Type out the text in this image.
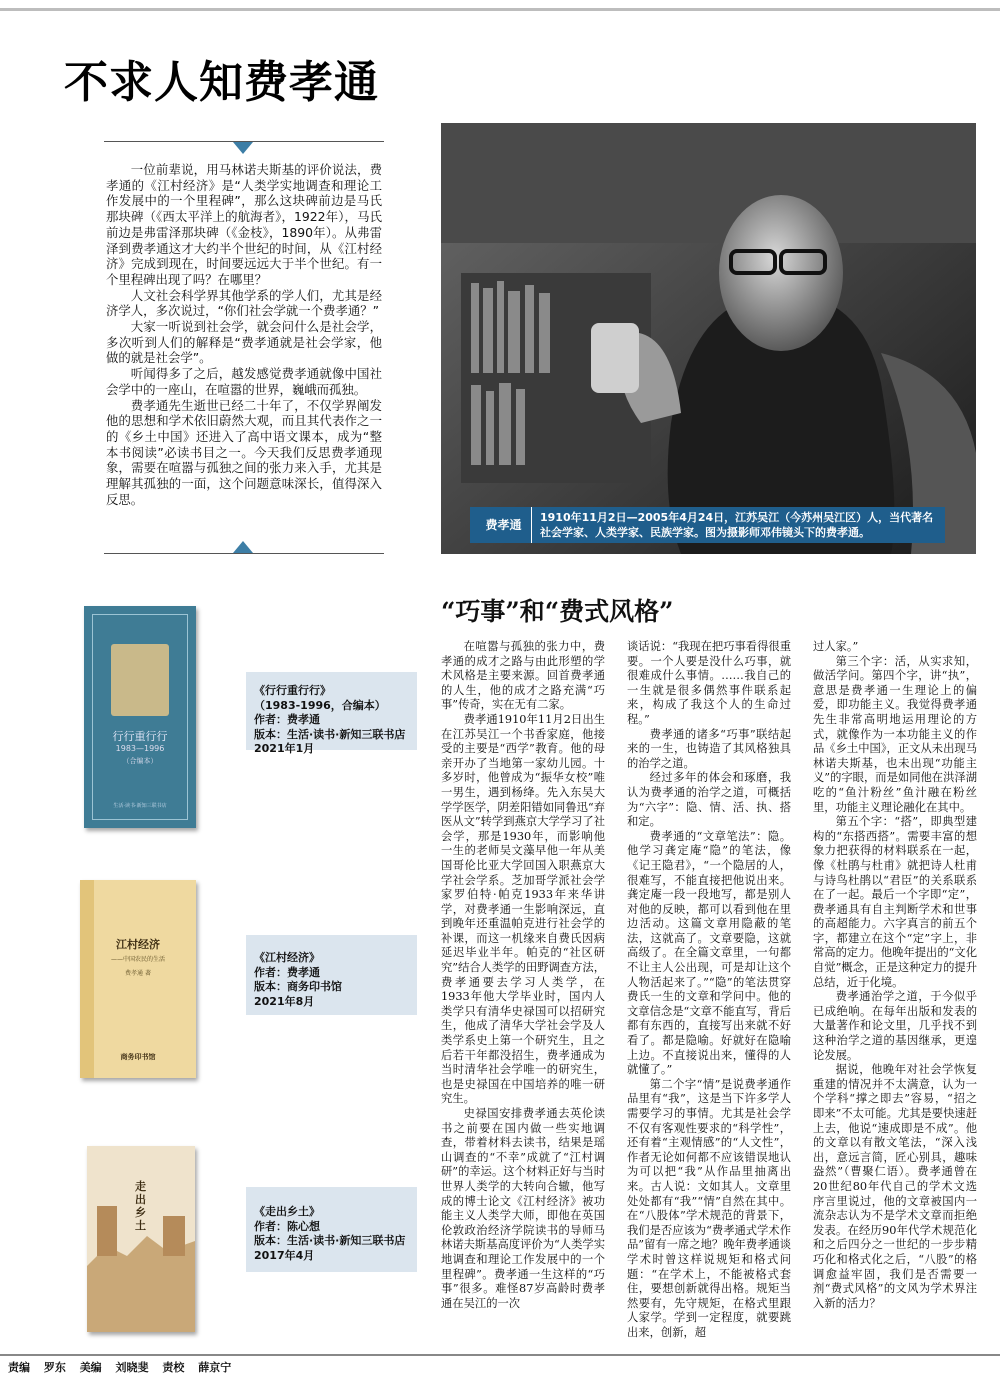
不求人知费孝通

一位前辈说，用马林诺夫斯基的评价说法，费孝通的《江村经济》是“人类学实地调查和理论工作发展中的一个里程碑”，那么这块碑前边是马氏那块碑（《西太平洋上的航海者》，1922年），马氏前边是弗雷泽那块碑（《金枝》，1890年）。从弗雷泽到费孝通这才大约半个世纪的时间，从《江村经济》完成到现在，时间要远远大于半个世纪。有一个里程碑出现了吗？在哪里？

人文社会科学界其他学系的学人们，尤其是经济学人，多次说过，“你们社会学就一个费孝通？”

大家一听说到社会学，就会问什么是社会学，多次听到人们的解释是“费孝通就是社会学家，他做的就是社会学”。

听闻得多了之后，越发感觉费孝通就像中国社会学中的一座山，在喧嚣的世界，巍峨而孤独。

费孝通先生逝世已经二十年了，不仅学界阐发他的思想和学术依旧蔚然大观，而且其代表作之一的《乡土中国》还进入了高中语文课本，成为“整本书阅读”必读书目之一。今天我们反思费孝通现象，需要在喧嚣与孤独之间的张力来入手，尤其是理解其孤独的一面，这个问题意味深长，值得深入反思。

费孝通
1910年11月2日—2005年4月24日，江苏吴江（今苏州吴江区）人，当代著名社会学家、人类学家、民族学家。图为摄影师邓伟镜头下的费孝通。
“巧事”和“费式风格”
行行重行行
1983—1996
（合编本）
生活·读书·新知三联书店
《行行重行行》
（1983-1996，合编本）
作者：费孝通
版本：生活·读书·新知三联书店
2021年1月
江村经济
——中国农民的生活
费孝通 著
商务印书馆
《江村经济》
作者：费孝通
版本：商务印书馆
2021年8月
走出乡土
《走出乡土》
作者：陈心想
版本：生活·读书·新知三联书店
2017年4月

在喧嚣与孤独的张力中，费孝通的成才之路与由此形塑的学术风格是主要来源。回首费孝通的人生，他的成才之路充满“巧事”传奇，实在无有二家。

费孝通1910年11月2日出生在江苏吴江一个书香家庭，他接受的主要是“西学”教育。他的母亲开办了当地第一家幼儿园。十多岁时，他曾成为“振华女校”唯一男生，遇到杨绛。先入东吴大学学医学，阴差阳错如同鲁迅“弃医从文”转学到燕京大学学习了社会学，那是1930年，而影响他一生的老师吴文藻早他一年从美国哥伦比亚大学回国入职燕京大学社会学系。芝加哥学派社会学家罗伯特·帕克1933年来华讲学，对费孝通一生影响深远，直到晚年还重温帕克进行社会学的补课，而这一机缘来自费氏因病延迟毕业半年。帕克的“社区研究”结合人类学的田野调查方法，费孝通要去学习人类学，在1933年他大学毕业时，国内人类学只有清华史禄国可以招研究生，他成了清华大学社会学及人类学系史上第一个研究生，且之后若干年都没招生，费孝通成为当时清华社会学唯一的研究生，也是史禄国在中国培养的唯一研究生。

史禄国安排费孝通去英伦读书之前要在国内做一些实地调查，带着材料去读书，结果是瑶山调查的“不幸”成就了“江村调研”的幸运。这个材料正好与当时世界人类学的大转向合辙，他写成的博士论文《江村经济》被功能主义人类学大师，即他在英国伦敦政治经济学院读书的导师马林诺夫斯基高度评价为“人类学实地调查和理论工作发展中的一个里程碑”。费孝通一生这样的“巧事”很多。难怪87岁高龄时费孝通在吴江的一次

谈话说：“我现在把巧事看得很重要。一个人要是没什么巧事，就很难成什么事情。……我自己的一生就是很多偶然事件联系起来，构成了我这个人的生命过程。”

费孝通的诸多“巧事”联结起来的一生，也铸造了其风格独具的治学之道。

经过多年的体会和琢磨，我认为费孝通的治学之道，可概括为“六字”：隐、情、活、执、搭和定。

费孝通的“文章笔法”：隐。他学习龚定庵“隐”的笔法，像《记王隐君》，“一个隐居的人，很难写，不能直接把他说出来。龚定庵一段一段地写，都是别人对他的反映，都可以看到他在里边活动。这篇文章用隐蔽的笔法，这就高了。文章要隐，这就高级了。在全篇文章里，一句都不让主人公出现，可是却让这个人物活起来了。”“隐”的笔法贯穿费氏一生的文章和学问中。他的文章信念是“文章不能直写，背后都有东西的，直接写出来就不好看了。都是隐喻。好就好在隐喻上边。不直接说出来，懂得的人就懂了。”

第二个字“情”是说费孝通作品里有“我”，这是当下许多学人需要学习的事情。尤其是社会学不仅有客观性要求的“科学性”，还有着“主观情感”的“人文性”，作者无论如何都不应该错误地认为可以把“我”从作品里抽离出来。古人说：文如其人。文章里处处都有“我”“情”自然在其中。在“八股体”学术规范的背景下，我们是否应该为“费孝通式学术作品”留有一席之地？晚年费孝通谈学术时曾这样说规矩和格式问题：“在学术上，不能被格式套住，要想创新就得出格。规矩当然要有，先守规矩，在格式里跟人家学。学到一定程度，就要跳出来，创新，超

过人家。”

第三个字：活，从实求知，做活学问。第四个字，讲“执”，意思是费孝通一生理论上的偏爱，即功能主义。我觉得费孝通先生非常高明地运用理论的方式，就像作为一本功能主义的作品《乡土中国》，正文从未出现马林诺夫斯基，也未出现“功能主义”的字眼，而是如同他在洪泽湖吃的“鱼汁粉丝”鱼汁融在粉丝里，功能主义理论融化在其中。

第五个字：“搭”，即典型建构的“东搭西搭”。需要丰富的想象力把获得的材料联系在一起，像《杜鹃与杜甫》就把诗人杜甫与诗鸟杜鹃以“君臣”的关系联系在了一起。最后一个字即“定”，费孝通具有自主判断学术和世事的高超能力。六字真言的前五个字，都建立在这个“定”字上，非常高的定力。他晚年提出的“文化自觉”概念，正是这种定力的提升总结，近于化境。

费孝通治学之道，于今似乎已成绝响。在每年出版和发表的大量著作和论文里，几乎找不到这种治学之道的基因继承，更遑论发展。

据说，他晚年对社会学恢复重建的情况并不太满意，认为一个学科“撑之即去”容易，“招之即来”不太可能。尤其是要快速赶上去，他说“速成即是不成”。他的文章以有散文笔法，“深入浅出，意远言简，匠心别具，趣味盎然”（曹聚仁语）。费孝通曾在20世纪80年代自己的学术文选序言里说过，他的文章被国内一流杂志认为不是学术文章而拒绝发表。在经历90年代学术规范化和之后四分之一世纪的一步步精巧化和格式化之后，“八股”的格调愈益牢固，我们是否需要一剂“费式风格”的文风为学术界注入新的活力？

责编 罗东 美编 刘晓斐 责校 薛京宁
